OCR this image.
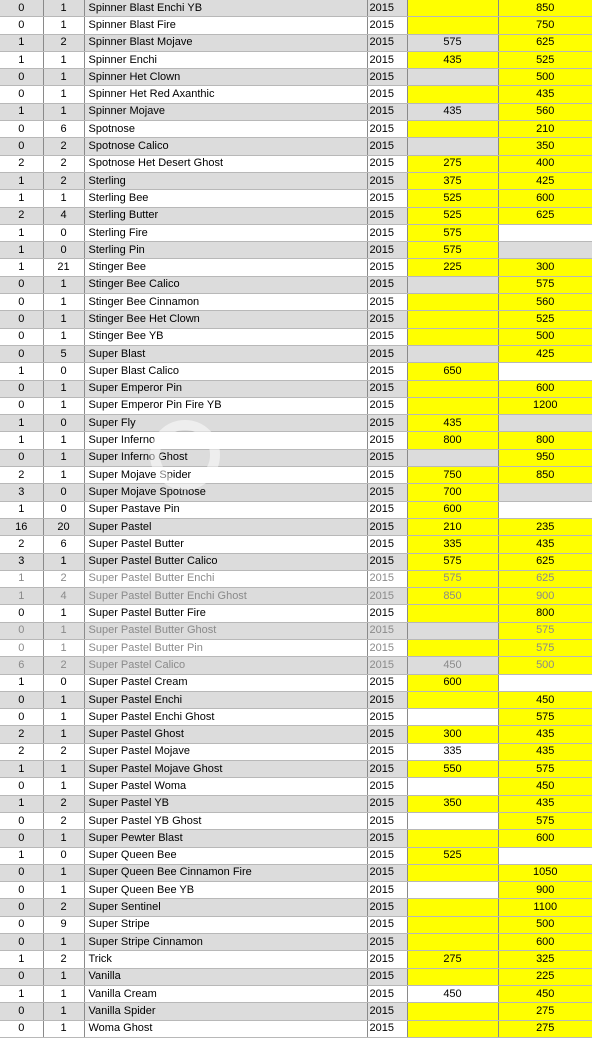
0	1	Spinner Blast Enchi YB	2015		850
0	1	Spinner Blast Fire	2015		750
1	2	Spinner Blast Mojave	2015	575	625
1	1	Spinner Enchi	2015	435	525
0	1	Spinner Het Clown	2015		500
0	1	Spinner Het Red Axanthic	2015		435
1	1	Spinner Mojave	2015	435	560
0	6	Spotnose	2015		210
0	2	Spotnose Calico	2015		350
2	2	Spotnose Het Desert Ghost	2015	275	400
1	2	Sterling	2015	375	425
1	1	Sterling Bee	2015	525	600
2	4	Sterling Butter	2015	525	625
1	0	Sterling Fire	2015	575	
1	0	Sterling Pin	2015	575	
1	21	Stinger Bee	2015	225	300
0	1	Stinger Bee Calico	2015		575
0	1	Stinger Bee Cinnamon	2015		560
0	1	Stinger Bee Het Clown	2015		525
0	1	Stinger Bee YB	2015		500
0	5	Super Blast	2015		425
1	0	Super Blast Calico	2015	650	
0	1	Super Emperor Pin	2015		600
0	1	Super Emperor Pin Fire YB	2015		1200
1	0	Super Fly	2015	435	
1	1	Super Inferno	2015	800	800
0	1	Super Inferno Ghost	2015		950
2	1	Super Mojave Spider	2015	750	850
3	0	Super Mojave Spotnose	2015	700	
1	0	Super Pastave Pin	2015	600	
16	20	Super Pastel	2015	210	235
2	6	Super Pastel Butter	2015	335	435
3	1	Super Pastel Butter Calico	2015	575	625
1	2	Super Pastel Butter Enchi	2015	575	625
1	4	Super Pastel Butter Enchi Ghost	2015	850	900
0	1	Super Pastel Butter Fire	2015		800
0	1	Super Pastel Butter Ghost	2015		575
0	1	Super Pastel Butter Pin	2015		575
6	2	Super Pastel Calico	2015	450	500
1	0	Super Pastel Cream	2015	600	
0	1	Super Pastel Enchi	2015		450
0	1	Super Pastel Enchi Ghost	2015		575
2	1	Super Pastel Ghost	2015	300	435
2	2	Super Pastel Mojave	2015	335	435
1	1	Super Pastel Mojave Ghost	2015	550	575
0	1	Super Pastel Woma	2015		450
1	2	Super Pastel YB	2015	350	435
0	2	Super Pastel YB Ghost	2015		575
0	1	Super Pewter Blast	2015		600
1	0	Super Queen Bee	2015	525	
0	1	Super Queen Bee Cinnamon Fire	2015		1050
0	1	Super Queen Bee YB	2015		900
0	2	Super Sentinel	2015		1100
0	9	Super Stripe	2015		500
0	1	Super Stripe Cinnamon	2015		600
1	2	Trick	2015	275	325
0	1	Vanilla	2015		225
1	1	Vanilla Cream	2015	450	450
0	1	Vanilla Spider	2015		275
0	1	Woma Ghost	2015		275
